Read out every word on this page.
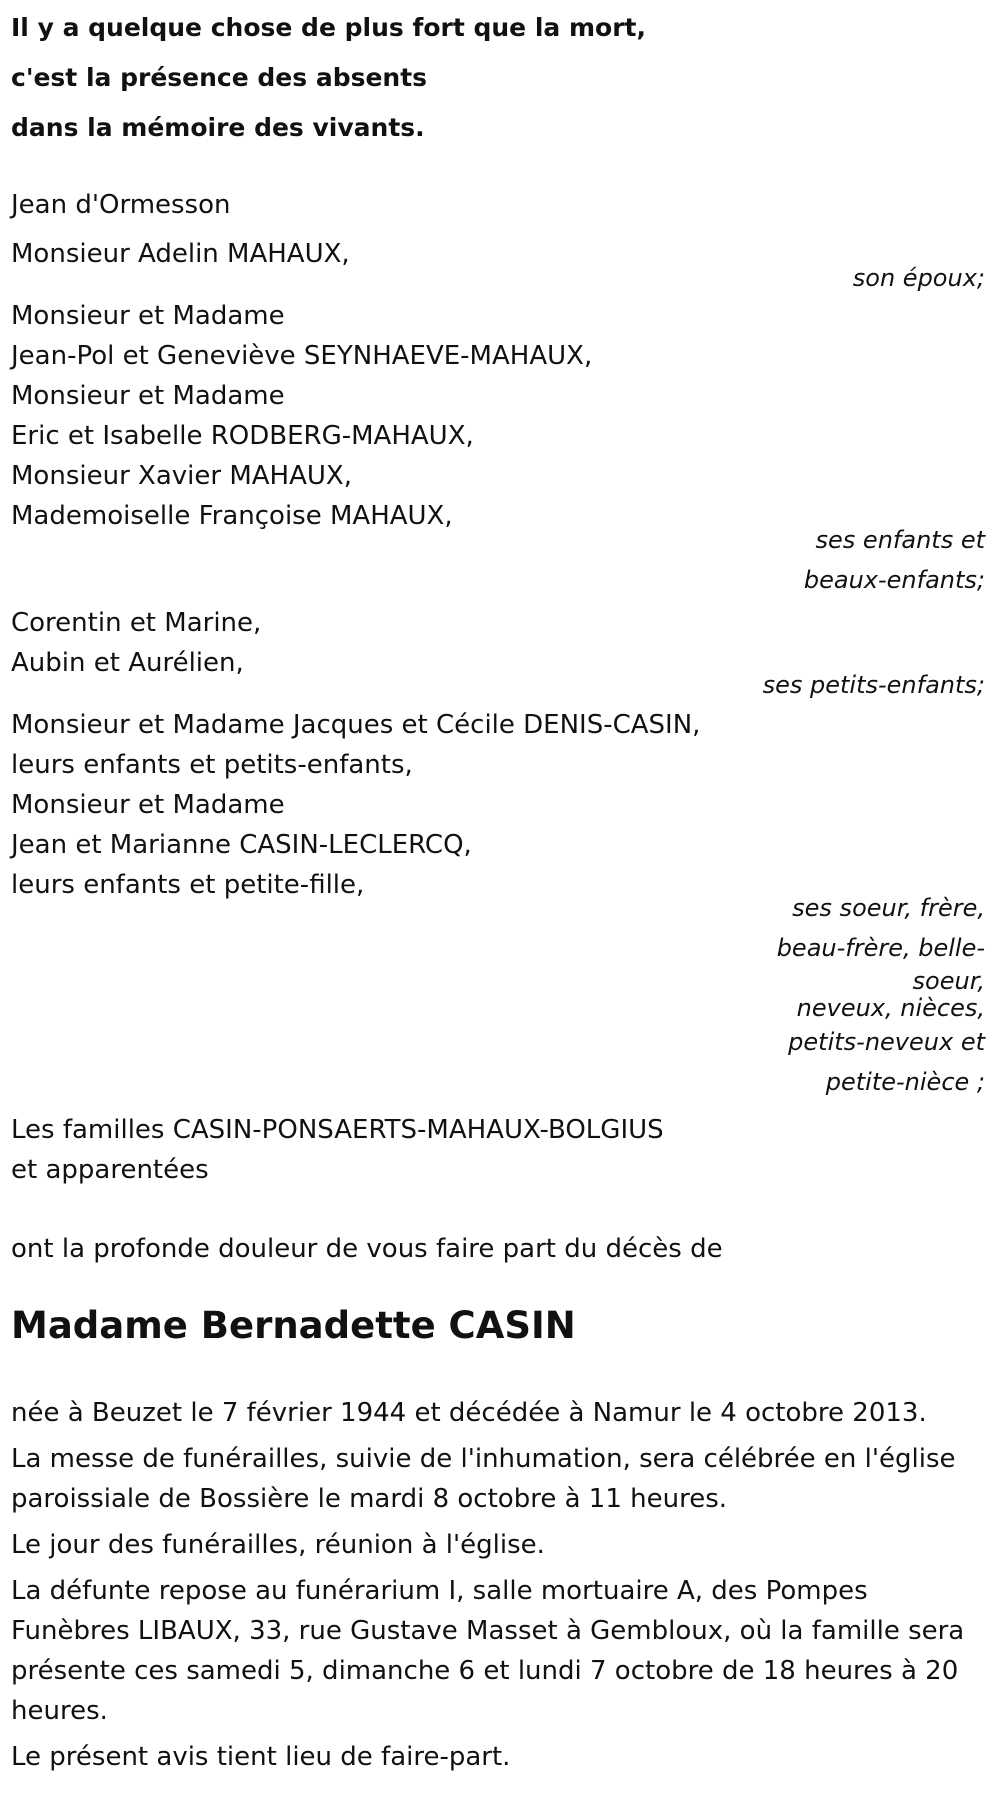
Il y a quelque chose de plus fort que la mort,
c'est la présence des absents
dans la mémoire des vivants.
Jean d'Ormesson
Monsieur Adelin MAHAUX,
son époux;
Monsieur et Madame
Jean-Pol et Geneviève SEYNHAEVE-MAHAUX,
Monsieur et Madame
Eric et Isabelle RODBERG-MAHAUX,
Monsieur Xavier MAHAUX,
Mademoiselle Françoise MAHAUX,
ses enfants et
beaux-enfants;
Corentin et Marine,
Aubin et Aurélien,
ses petits-enfants;
Monsieur et Madame Jacques et Cécile DENIS-CASIN,
leurs enfants et petits-enfants,
Monsieur et Madame
Jean et Marianne CASIN-LECLERCQ,
leurs enfants et petite-fille,
ses soeur, frère,
beau-frère, belle-
soeur,
neveux, nièces,
petits-neveux et
petite-nièce ;
Les familles CASIN-PONSAERTS-MAHAUX-BOLGIUS
et apparentées
ont la profonde douleur de vous faire part du décès de
Madame Bernadette CASIN

née à Beuzet le 7 février 1944 et décédée à Namur le 4 octobre 2013.

La messe de funérailles, suivie de l'inhumation, sera célébrée en l'église paroissiale de Bossière le mardi 8 octobre à 11 heures.

Le jour des funérailles, réunion à l'église.

La défunte repose au funérarium I, salle mortuaire A, des Pompes Funèbres LIBAUX, 33, rue Gustave Masset à Gembloux, où la famille sera présente ces samedi 5, dimanche 6 et lundi 7 octobre de 18 heures à 20 heures.

Le présent avis tient lieu de faire-part.
